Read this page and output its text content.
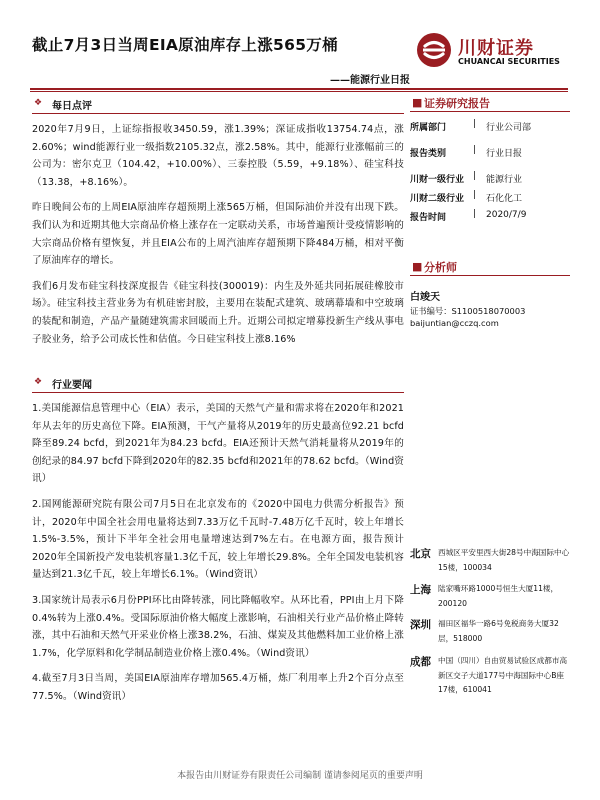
截止7月3日当周EIA原油库存上涨565万桶	川财证券
CHUANCAI SECURITIES
——能源行业日报
❖ 每日点评

2020年7月9日，上证综指报收3450.59，涨1.39%；深证成指收13754.74点，涨2.60%；wind能源行业一级指数2105.32点，涨2.58%。其中，能源行业涨幅前三的公司为：密尔克卫（104.42，+10.00%）、三泰控股（5.59，+9.18%）、硅宝科技（13.38，+8.16%）。

昨日晚间公布的上周EIA原油库存超预期上涨565万桶，但国际油价并没有出现下跌。我们认为和近期其他大宗商品价格上涨存在一定联动关系，市场普遍预计受疫情影响的大宗商品价格有望恢复，并且EIA公布的上周汽油库存超预期下降484万桶，相对平衡了原油库存的增长。

我们6月发布硅宝科技深度报告《硅宝科技(300019)：内生及外延共同拓展硅橡胶市场》。硅宝科技主营业务为有机硅密封胶，主要用在装配式建筑、玻璃幕墙和中空玻璃的装配和制造，产品产量随建筑需求回暖而上升。近期公司拟定增募投新生产线从事电子胶业务，给予公司成长性和估值。今日硅宝科技上涨8.16%

❖ 行业要闻

1.美国能源信息管理中心（EIA）表示，美国的天然气产量和需求将在2020年和2021年从去年的历史高位下降。EIA预测，干气产量将从2019年的历史最高位92.21 bcfd降至89.24 bcfd，到2021年为84.23 bcfd。EIA还预计天然气消耗量将从2019年的创纪录的84.97 bcfd下降到2020年的82.35 bcfd和2021年的78.62 bcfd。（Wind资讯）

2.国网能源研究院有限公司7月5日在北京发布的《2020中国电力供需分析报告》预计，2020年中国全社会用电量将达到7.33万亿千瓦时-7.48万亿千瓦时，较上年增长1.5%-3.5%，预计下半年全社会用电量增速达到7%左右。在电源方面，报告预计2020年全国新投产发电装机容量1.3亿千瓦，较上年增长29.8%。全年全国发电装机容量达到21.3亿千瓦，较上年增长6.1%。（Wind资讯）

3.国家统计局表示6月份PPI环比由降转涨，同比降幅收窄。从环比看，PPI由上月下降0.4%转为上涨0.4%。受国际原油价格大幅度上涨影响，石油相关行业产品价格止降转涨，其中石油和天然气开采业价格上涨38.2%，石油、煤炭及其他燃料加工业价格上涨1.7%，化学原料和化学制品制造业价格上涨0.4%。（Wind资讯）

4.截至7月3日当周，美国EIA原油库存增加565.4万桶，炼厂利用率上升2个百分点至77.5%。（Wind资讯）

■ 证券研究报告
所属部门	| 行业公司部
报告类别	| 行业日报
川财一级行业 | 能源行业
川财二级行业 | 石化化工
报告时间	| 2020/7/9
■ 分析师
白竣天
证书编号：S1100518070003
baijuntian@cczq.com
北京 西城区平安里西大街28号中海国际中心15楼，100034
上海 陆家嘴环路1000号恒生大厦11楼，200120
深圳 福田区福华一路6号免税商务大厦32层，518000
成都 中国（四川）自由贸易试验区成都市高新区交子大道177号中海国际中心B座17楼，610041
本报告由川财证券有限责任公司编制 谨请参阅尾页的重要声明
